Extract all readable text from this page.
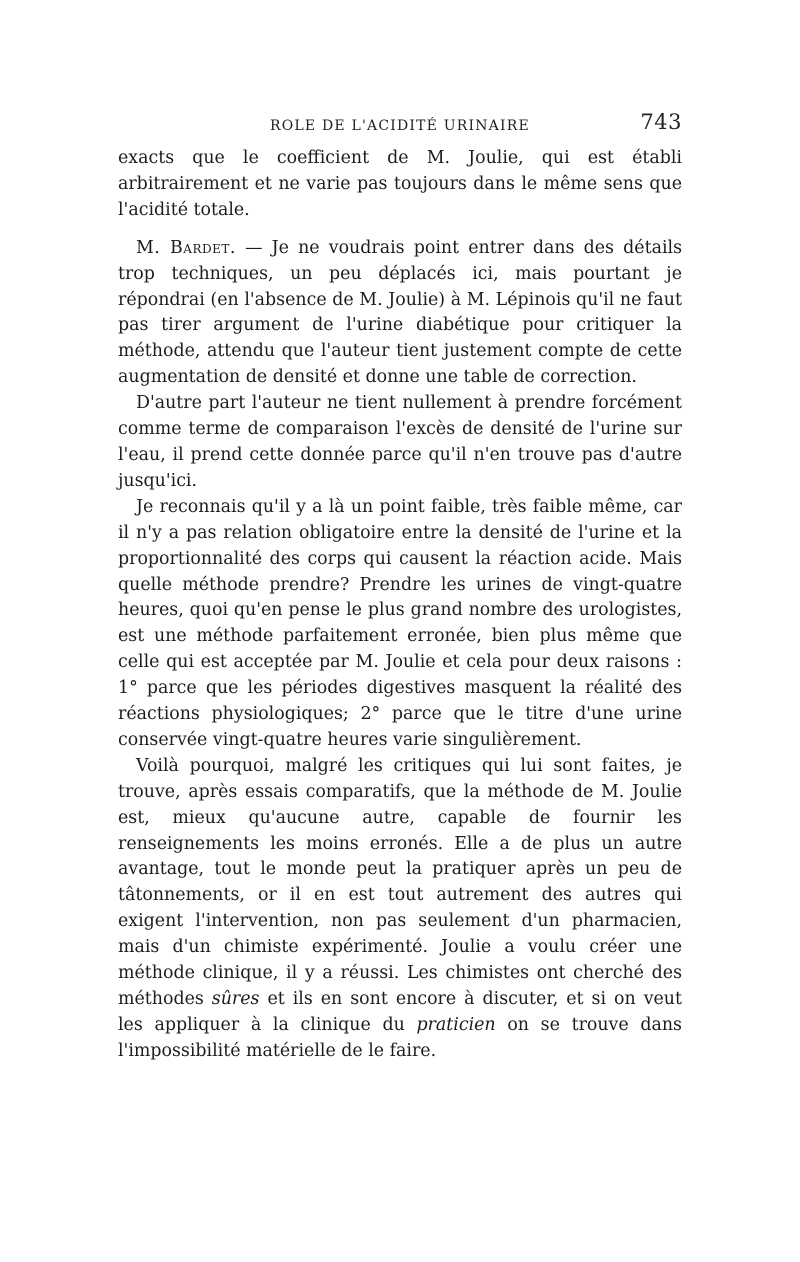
ROLE DE L'ACIDITÉ URINAIRE	743

exacts que le coefficient de M. Joulie, qui est établi arbitrairement et ne varie pas toujours dans le même sens que l'acidité totale.

M. Bardet. — Je ne voudrais point entrer dans des détails trop techniques, un peu déplacés ici, mais pourtant je répondrai (en l'absence de M. Joulie) à M. Lépinois qu'il ne faut pas tirer argument de l'urine diabétique pour critiquer la méthode, attendu que l'auteur tient justement compte de cette augmentation de densité et donne une table de correction.

D'autre part l'auteur ne tient nullement à prendre forcément comme terme de comparaison l'excès de densité de l'urine sur l'eau, il prend cette donnée parce qu'il n'en trouve pas d'autre jusqu'ici.

Je reconnais qu'il y a là un point faible, très faible même, car il n'y a pas relation obligatoire entre la densité de l'urine et la proportionnalité des corps qui causent la réaction acide. Mais quelle méthode prendre? Prendre les urines de vingt-quatre heures, quoi qu'en pense le plus grand nombre des urologistes, est une méthode parfaitement erronée, bien plus même que celle qui est acceptée par M. Joulie et cela pour deux raisons : 1° parce que les périodes digestives masquent la réalité des réactions physiologiques; 2° parce que le titre d'une urine conservée vingt-quatre heures varie singulièrement.

Voilà pourquoi, malgré les critiques qui lui sont faites, je trouve, après essais comparatifs, que la méthode de M. Joulie est, mieux qu'aucune autre, capable de fournir les renseignements les moins erronés. Elle a de plus un autre avantage, tout le monde peut la pratiquer après un peu de tâtonnements, or il en est tout autrement des autres qui exigent l'intervention, non pas seulement d'un pharmacien, mais d'un chimiste expérimenté. Joulie a voulu créer une méthode clinique, il y a réussi. Les chimistes ont cherché des méthodes sûres et ils en sont encore à discuter, et si on veut les appliquer à la clinique du praticien on se trouve dans l'impossibilité matérielle de le faire.
